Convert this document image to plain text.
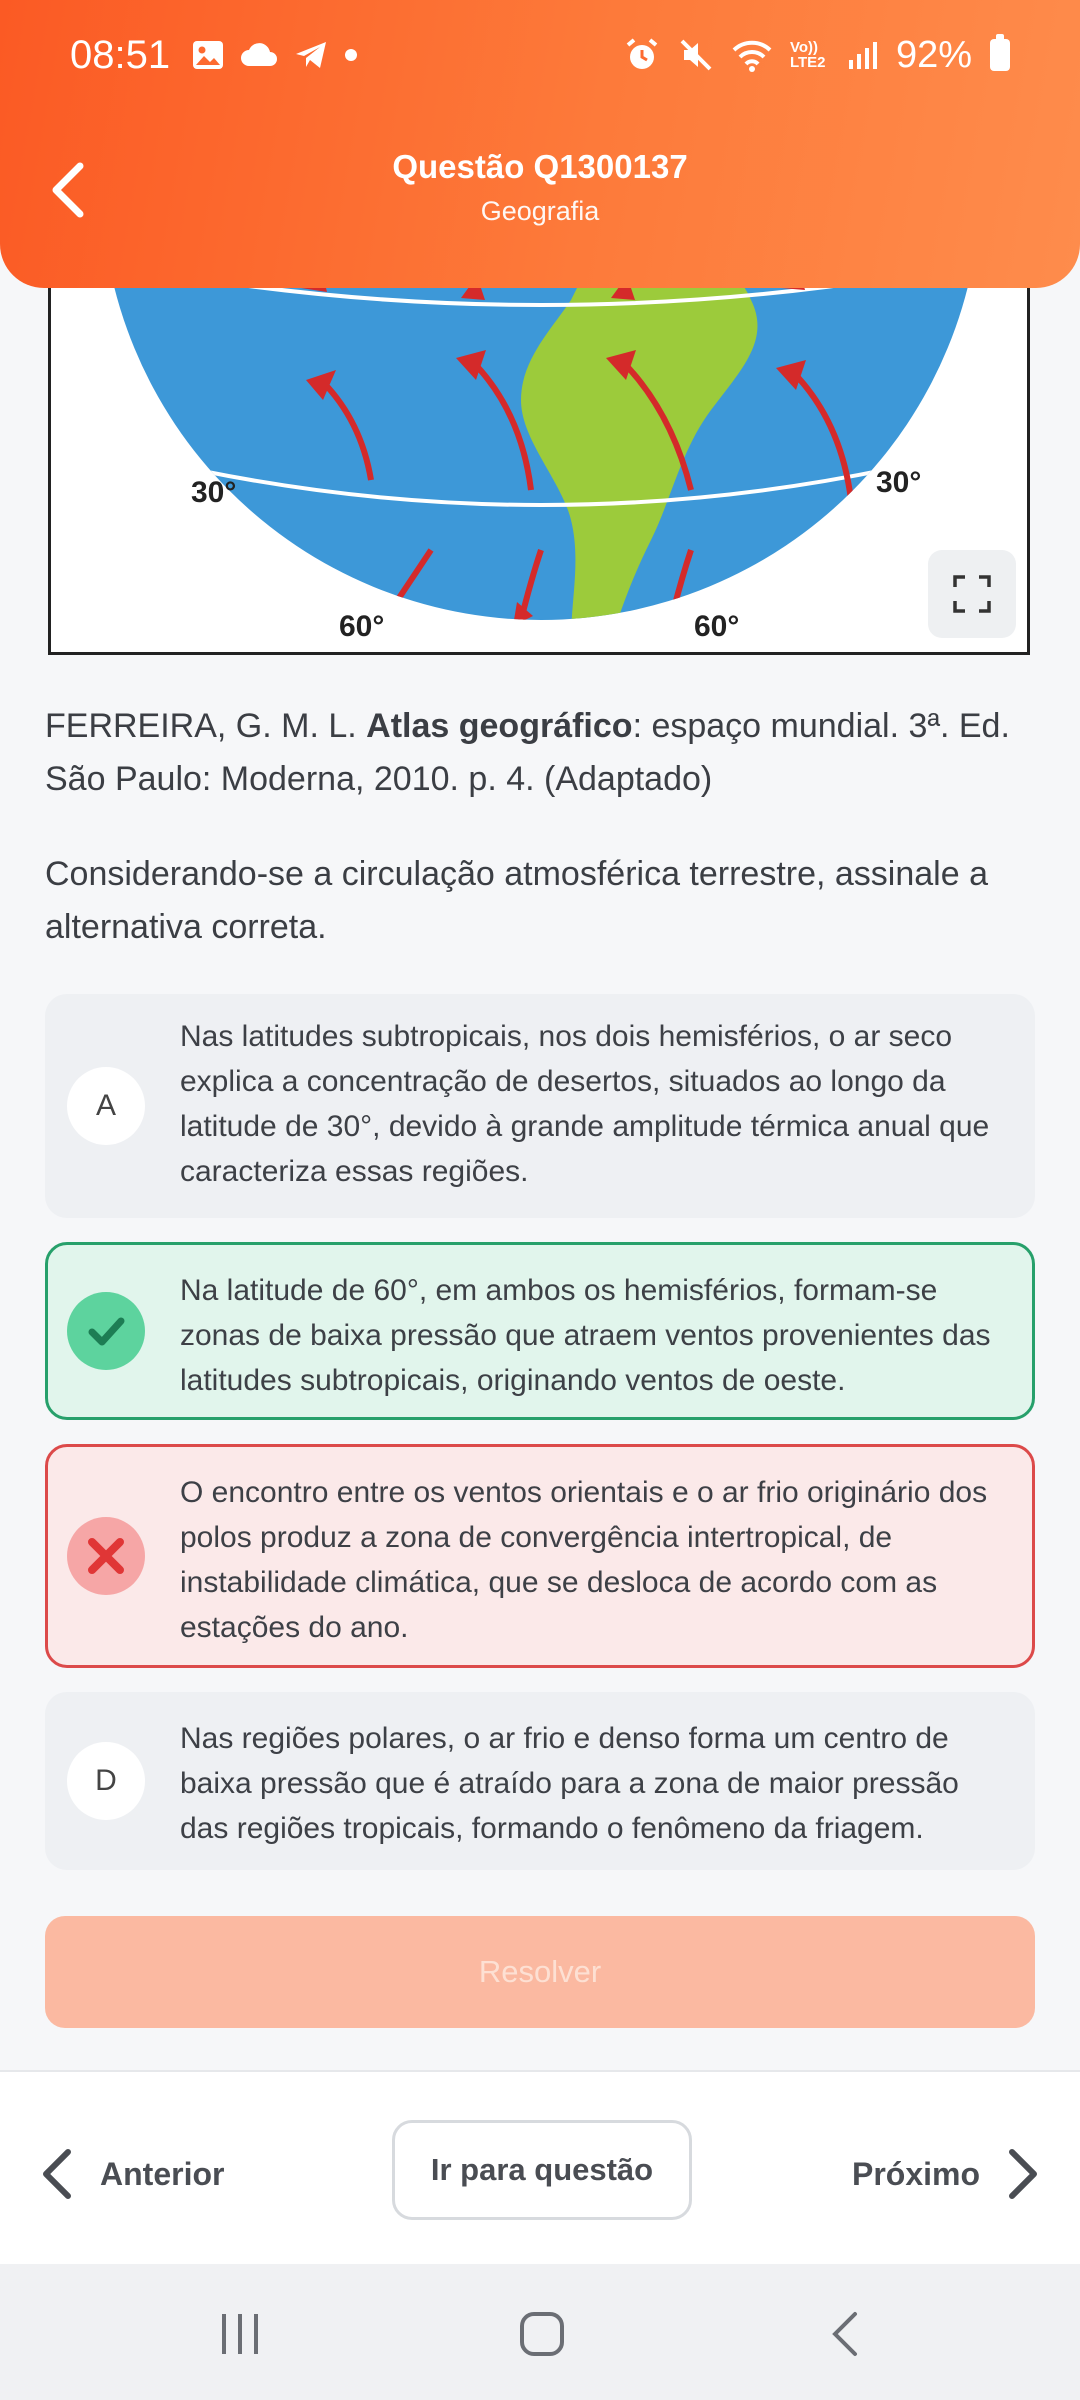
08:51	Vo)) LTE2 92%
Questão Q1300137
Geografia
30°	30°
60°	60°
FERREIRA, G. M. L. Atlas geográfico: espaço mundial. 3ª. Ed. São Paulo: Moderna, 2010. p. 4. (Adaptado)
Considerando-se a circulação atmosférica terrestre, assinale a alternativa correta.
A
Nas latitudes subtropicais, nos dois hemisférios, o ar seco explica a concentração de desertos, situados ao longo da latitude de 30°, devido à grande amplitude térmica anual que caracteriza essas regiões.
Na latitude de 60°, em ambos os hemisférios, formam-se zonas de baixa pressão que atraem ventos provenientes das latitudes subtropicais, originando ventos de oeste.
O encontro entre os ventos orientais e o ar frio originário dos polos produz a zona de convergência intertropical, de instabilidade climática, que se desloca de acordo com as estações do ano.
D
Nas regiões polares, o ar frio e denso forma um centro de baixa pressão que é atraído para a zona de maior pressão das regiões tropicais, formando o fenômeno da friagem.
Resolver
Anterior	Ir para questão	Próximo
